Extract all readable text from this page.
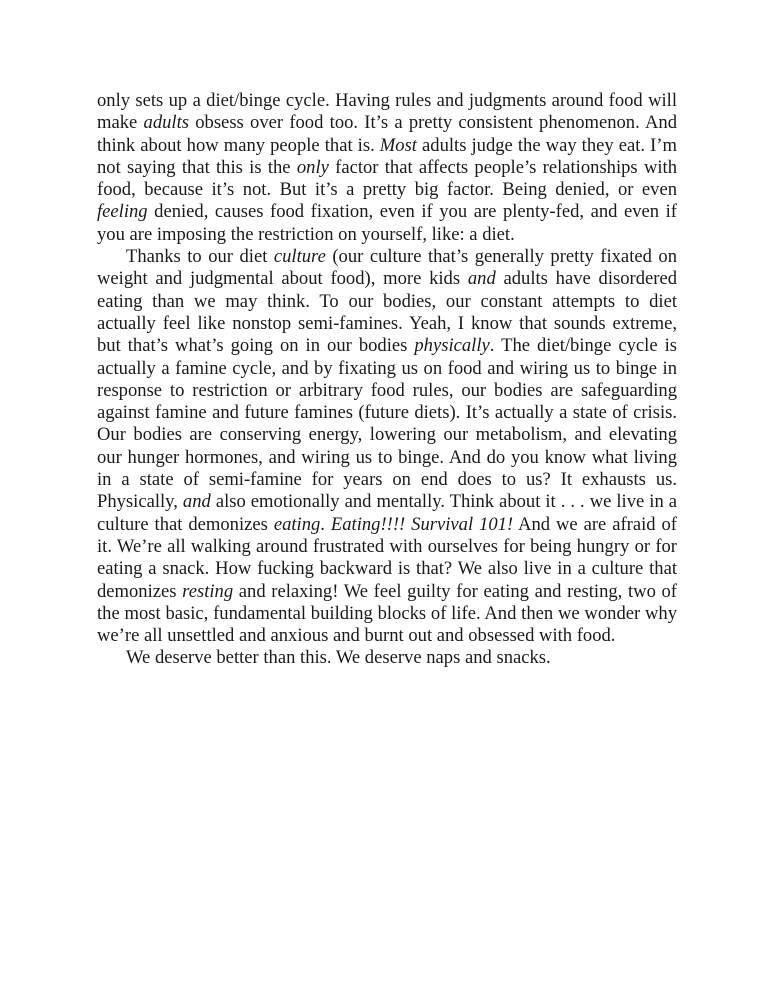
only sets up a diet/binge cycle. Having rules and judgments around food will make adults obsess over food too. It’s a pretty consistent phenomenon. And think about how many people that is. Most adults judge the way they eat. I’m not saying that this is the only factor that affects people’s relationships with food, because it’s not. But it’s a pretty big factor. Being denied, or even feeling denied, causes food fixation, even if you are plenty-fed, and even if you are imposing the restriction on yourself, like: a diet.

Thanks to our diet culture (our culture that’s generally pretty fixated on weight and judgmental about food), more kids and adults have disordered eating than we may think. To our bodies, our constant attempts to diet actually feel like nonstop semi-famines. Yeah, I know that sounds extreme, but that’s what’s going on in our bodies physically. The diet/binge cycle is actually a famine cycle, and by fixating us on food and wiring us to binge in response to restriction or arbitrary food rules, our bodies are safeguarding against famine and future famines (future diets). It’s actually a state of crisis. Our bodies are conserving energy, lowering our metabolism, and elevating our hunger hormones, and wiring us to binge. And do you know what living in a state of semi-famine for years on end does to us? It exhausts us. Physically, and also emotionally and mentally. Think about it . . . we live in a culture that demonizes eating. Eating!!!! Survival 101! And we are afraid of it. We’re all walking around frustrated with ourselves for being hungry or for eating a snack. How fucking backward is that? We also live in a culture that demonizes resting and relaxing! We feel guilty for eating and resting, two of the most basic, fundamental building blocks of life. And then we wonder why we’re all unsettled and anxious and burnt out and obsessed with food.

We deserve better than this. We deserve naps and snacks.
